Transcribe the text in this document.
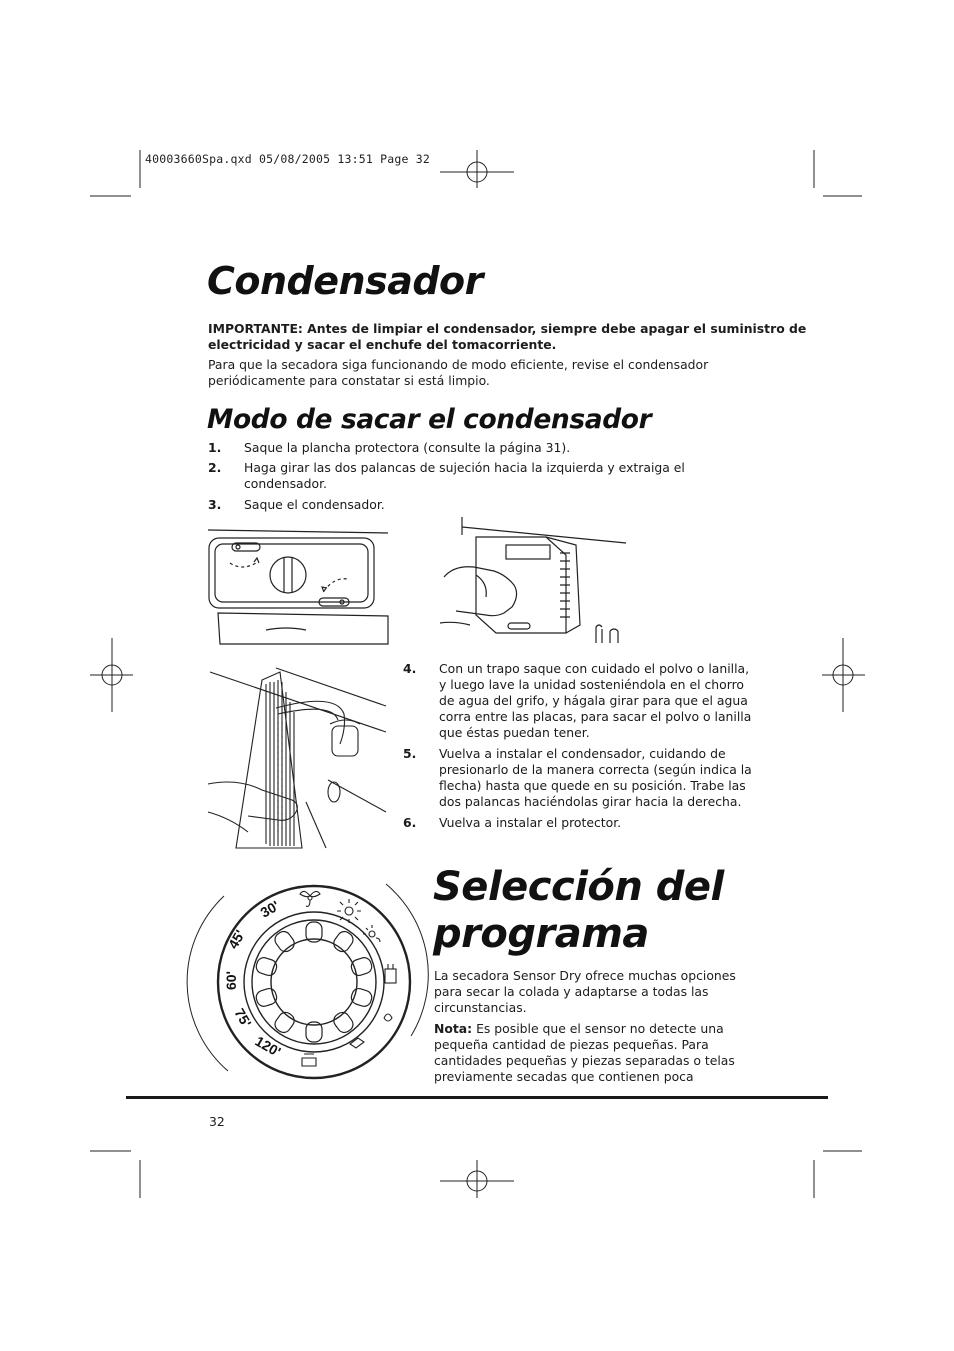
40003660Spa.qxd 05/08/2005 13:51 Page 32
Condensador
IMPORTANTE: Antes de limpiar el condensador, siempre debe apagar el suministro de
electricidad y sacar el enchufe del tomacorriente.
Para que la secadora siga funcionando de modo eficiente, revise el condensador
periódicamente para constatar si está limpio.
Modo de sacar el condensador
1. Saque la plancha protectora (consulte la página 31).
2. Haga girar las dos palancas de sujeción hacia la izquierda y extraiga el
condensador.
3. Saque el condensador.
4. Con un trapo saque con cuidado el polvo o lanilla,
y luego lave la unidad sosteniéndola en el chorro
de agua del grifo, y hágala girar para que el agua
corra entre las placas, para sacar el polvo o lanilla
que éstas puedan tener.
5. Vuelva a instalar el condensador, cuidando de
presionarlo de la manera correcta (según indica la
flecha) hasta que quede en su posición. Trabe las
dos palancas haciéndolas girar hacia la derecha.
6. Vuelva a instalar el protector.
Selección del
programa
La secadora Sensor Dry ofrece muchas opciones
para secar la colada y adaptarse a todas las
circunstancias.
Nota: Es posible que el sensor no detecte una
pequeña cantidad de piezas pequeñas. Para
cantidades pequeñas y piezas separadas o telas
previamente secadas que contienen poca
30'
45'
60'
75'
120'
32
